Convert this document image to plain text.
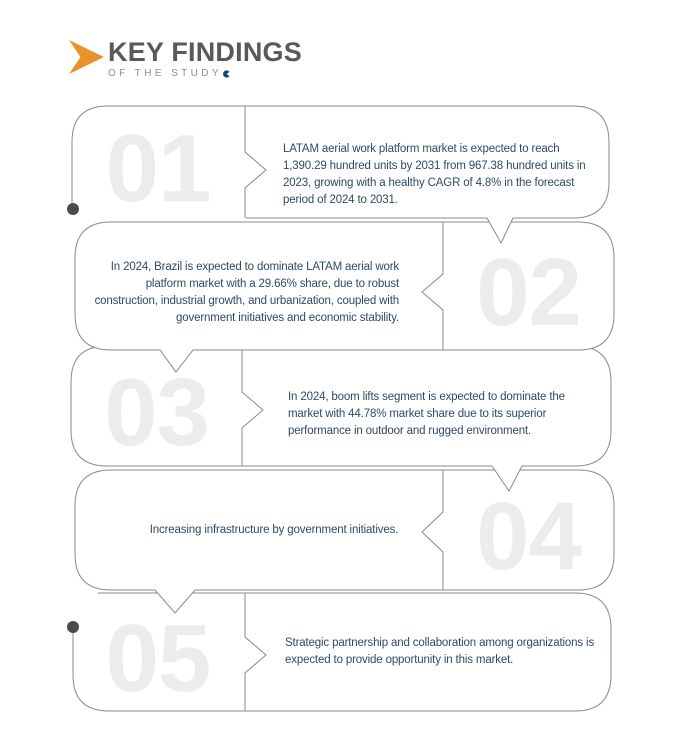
KEY FINDINGS
OF THE STUDY
01	LATAM aerial work platform market is expected to reach 1,390.29 hundred units by 2031 from 967.38 hundred units in 2023, growing with a healthy CAGR of 4.8% in the forecast period of 2024 to 2031.
In 2024, Brazil is expected to dominate LATAM aerial work platform market with a 29.66% share, due to robust construction, industrial growth, and urbanization, coupled with government initiatives and economic stability. 02
03	In 2024, boom lifts segment is expected to dominate the market with 44.78% market share due to its superior performance in outdoor and rugged environment.
Increasing infrastructure by government initiatives. 04
05	Strategic partnership and collaboration among organizations is expected to provide opportunity in this market.
